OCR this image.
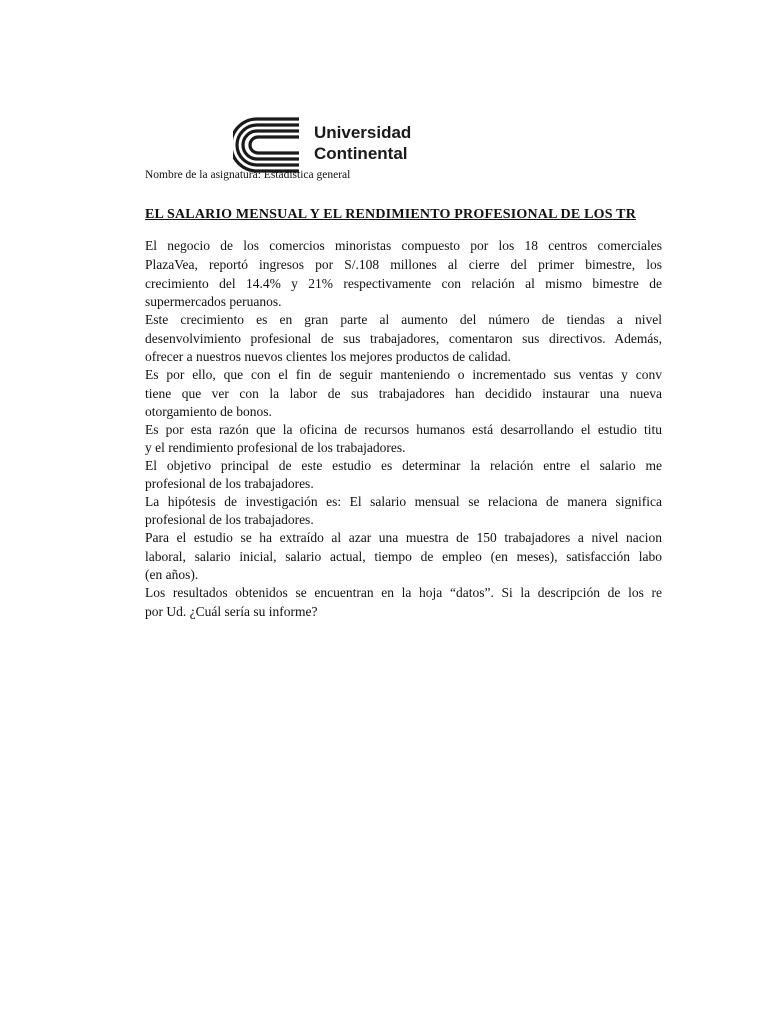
Universidad
Continental
Nombre de la asignatura: Estadística general
EL SALARIO MENSUAL Y EL RENDIMIENTO PROFESIONAL DE LOS TR
El negocio de los comercios minoristas compuesto por los 18 centros comerciales
PlazaVea, reportó ingresos por S/.108 millones al cierre del primer bimestre, los
crecimiento del 14.4% y 21% respectivamente con relación al mismo bimestre de
supermercados peruanos.
Este crecimiento es en gran parte al aumento del número de tiendas a nivel
desenvolvimiento profesional de sus trabajadores, comentaron sus directivos. Además,
ofrecer a nuestros nuevos clientes los mejores productos de calidad.
Es por ello, que con el fin de seguir manteniendo o incrementado sus ventas y conv
tiene que ver con la labor de sus trabajadores han decidido instaurar una nueva
otorgamiento de bonos.
Es por esta razón que la oficina de recursos humanos está desarrollando el estudio titu
y el rendimiento profesional de los trabajadores.
El objetivo principal de este estudio es determinar la relación entre el salario me
profesional de los trabajadores.
La hipótesis de investigación es: El salario mensual se relaciona de manera significa
profesional de los trabajadores.
Para el estudio se ha extraído al azar una muestra de 150 trabajadores a nivel nacion
laboral, salario inicial, salario actual, tiempo de empleo (en meses), satisfacción labo
(en años).
Los resultados obtenidos se encuentran en la hoja “datos”. Si la descripción de los re
por Ud. ¿Cuál sería su informe?
